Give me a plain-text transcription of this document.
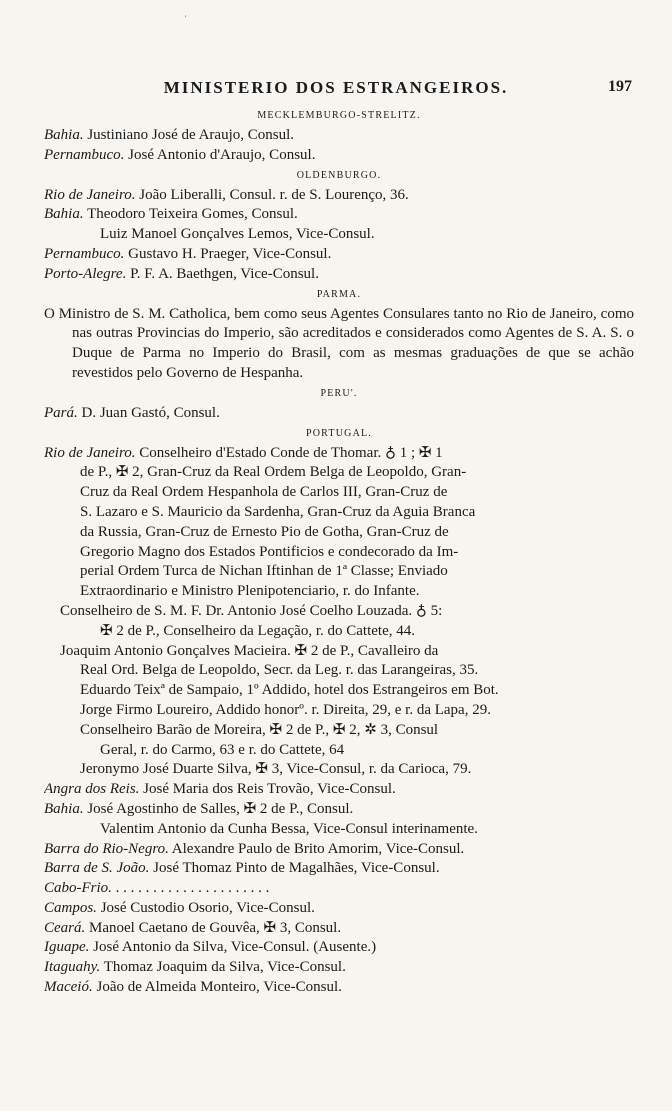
'
MINISTERIO DOS ESTRANGEIROS.	197
MECKLEMBURGO-STRELITZ.
Bahia. Justiniano José de Araujo, Consul.
Pernambuco. José Antonio d'Araujo, Consul.
OLDENBURGO.
Rio de Janeiro. João Liberalli, Consul. r. de S. Lourenço, 36.
Bahia. Theodoro Teixeira Gomes, Consul.
Luiz Manoel Gonçalves Lemos, Vice-Consul.
Pernambuco. Gustavo H. Praeger, Vice-Consul.
Porto-Alegre. P. F. A. Baethgen, Vice-Consul.
PARMA.
O Ministro de S. M. Catholica, bem como seus Agentes Consulares tanto no Rio de Janeiro, como nas outras Provincias do Imperio, são acreditados e considerados como Agentes de S. A. S. o Duque de Parma no Imperio do Brasil, com as mesmas graduações de que se achão revestidos pelo Governo de Hespanha.
PERU'.
Pará. D. Juan Gastó, Consul.
PORTUGAL.
Rio de Janeiro. Conselheiro d'Estado Conde de Thomar. ♁ 1 ; ✠ 1
de P., ✠ 2, Gran-Cruz da Real Ordem Belga de Leopoldo, Gran-
Cruz da Real Ordem Hespanhola de Carlos III, Gran-Cruz de
S. Lazaro e S. Mauricio da Sardenha, Gran-Cruz da Aguia Branca
da Russia, Gran-Cruz de Ernesto Pio de Gotha, Gran-Cruz de
Gregorio Magno dos Estados Pontificios e condecorado da Im-
perial Ordem Turca de Nichan Iftinhan de 1ª Classe; Enviado
Extraordinario e Ministro Plenipotenciario, r. do Infante.
Conselheiro de S. M. F. Dr. Antonio José Coelho Louzada. ♁ 5:
✠ 2 de P., Conselheiro da Legação, r. do Cattete, 44.
Joaquim Antonio Gonçalves Macieira. ✠ 2 de P., Cavalleiro da
Real Ord. Belga de Leopoldo, Secr. da Leg. r. das Larangeiras, 35.
Eduardo Teixª de Sampaio, 1º Addido, hotel dos Estrangeiros em Bot.
Jorge Firmo Loureiro, Addido honorº. r. Direita, 29, e r. da Lapa, 29.
Conselheiro Barão de Moreira, ✠ 2 de P., ✠ 2, ✲ 3, Consul
Geral, r. do Carmo, 63 e r. do Cattete, 64
Jeronymo José Duarte Silva, ✠ 3, Vice-Consul, r. da Carioca, 79.
Angra dos Reis. José Maria dos Reis Trovão, Vice-Consul.
Bahia. José Agostinho de Salles, ✠ 2 de P., Consul.
Valentim Antonio da Cunha Bessa, Vice-Consul interinamente.
Barra do Rio-Negro. Alexandre Paulo de Brito Amorim, Vice-Consul.
Barra de S. João. José Thomaz Pinto de Magalhães, Vice-Consul.
Cabo-Frio. . . . . . . . . . . . . . . . . . . . . .
Campos. José Custodio Osorio, Vice-Consul.
Ceará. Manoel Caetano de Gouvêa, ✠ 3, Consul.
Iguape. José Antonio da Silva, Vice-Consul. (Ausente.)
Itaguahy. Thomaz Joaquim da Silva, Vice-Consul.
Maceió. João de Almeida Monteiro, Vice-Consul.
